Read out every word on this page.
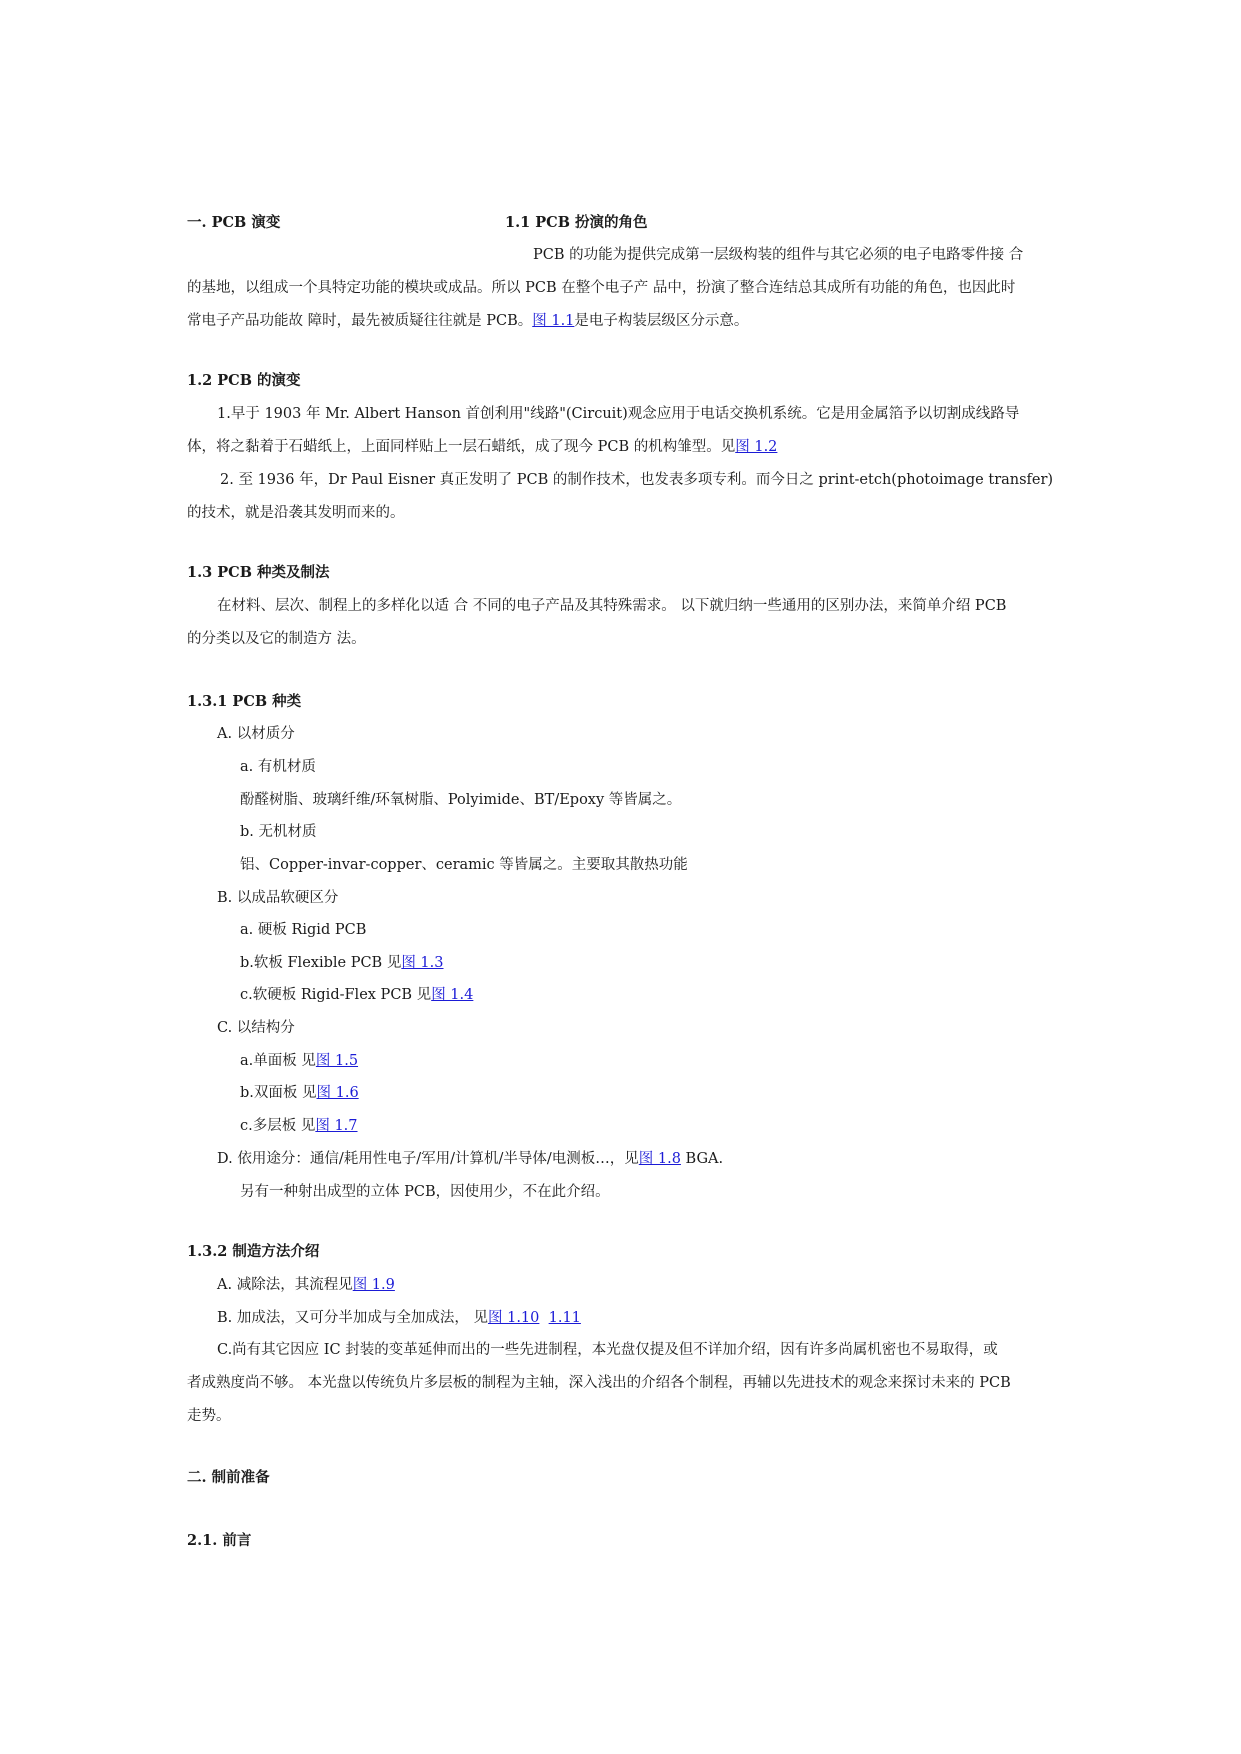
一. PCB 演变	1.1 PCB 扮演的角色
PCB 的功能为提供完成第一层级构装的组件与其它必须的电子电路零件接 合
的基地，以组成一个具特定功能的模块或成品。所以 PCB 在整个电子产 品中，扮演了整合连结总其成所有功能的角色，也因此时
常电子产品功能故 障时，最先被质疑往往就是 PCB。图 1.1是电子构装层级区分示意。
1.2 PCB 的演变
1.早于 1903 年 Mr. Albert Hanson 首创利用"线路"(Circuit)观念应用于电话交换机系统。它是用金属箔予以切割成线路导
体，将之黏着于石蜡纸上，上面同样贴上一层石蜡纸，成了现今 PCB 的机构雏型。见图 1.2
2. 至 1936 年，Dr Paul Eisner 真正发明了 PCB 的制作技术，也发表多项专利。而今日之 print-etch(photoimage transfer)
的技术，就是沿袭其发明而来的。
1.3 PCB 种类及制法
在材料、层次、制程上的多样化以适 合 不同的电子产品及其特殊需求。 以下就归纳一些通用的区别办法，来简单介绍 PCB
的分类以及它的制造方 法。
1.3.1 PCB 种类
A. 以材质分
a. 有机材质
酚醛树脂、玻璃纤维/环氧树脂、Polyimide、BT/Epoxy 等皆属之。
b. 无机材质
铝、Copper-invar-copper、ceramic 等皆属之。主要取其散热功能
B. 以成品软硬区分
a. 硬板 Rigid PCB
b.软板 Flexible PCB 见图 1.3
c.软硬板 Rigid-Flex PCB 见图 1.4
C. 以结构分
a.单面板 见图 1.5
b.双面板 见图 1.6
c.多层板 见图 1.7
D. 依用途分：通信/耗用性电子/军用/计算机/半导体/电测板…，见图 1.8 BGA.
另有一种射出成型的立体 PCB，因使用少，不在此介绍。
1.3.2 制造方法介绍
A. 减除法，其流程见图 1.9
B. 加成法，又可分半加成与全加成法， 见图 1.10 1.11
C.尚有其它因应 IC 封装的变革延伸而出的一些先进制程，本光盘仅提及但不详加介绍，因有许多尚属机密也不易取得，或
者成熟度尚不够。 本光盘以传统负片多层板的制程为主轴，深入浅出的介绍各个制程，再辅以先进技术的观念来探讨未来的 PCB
走势。
二. 制前准备
2.1. 前言
